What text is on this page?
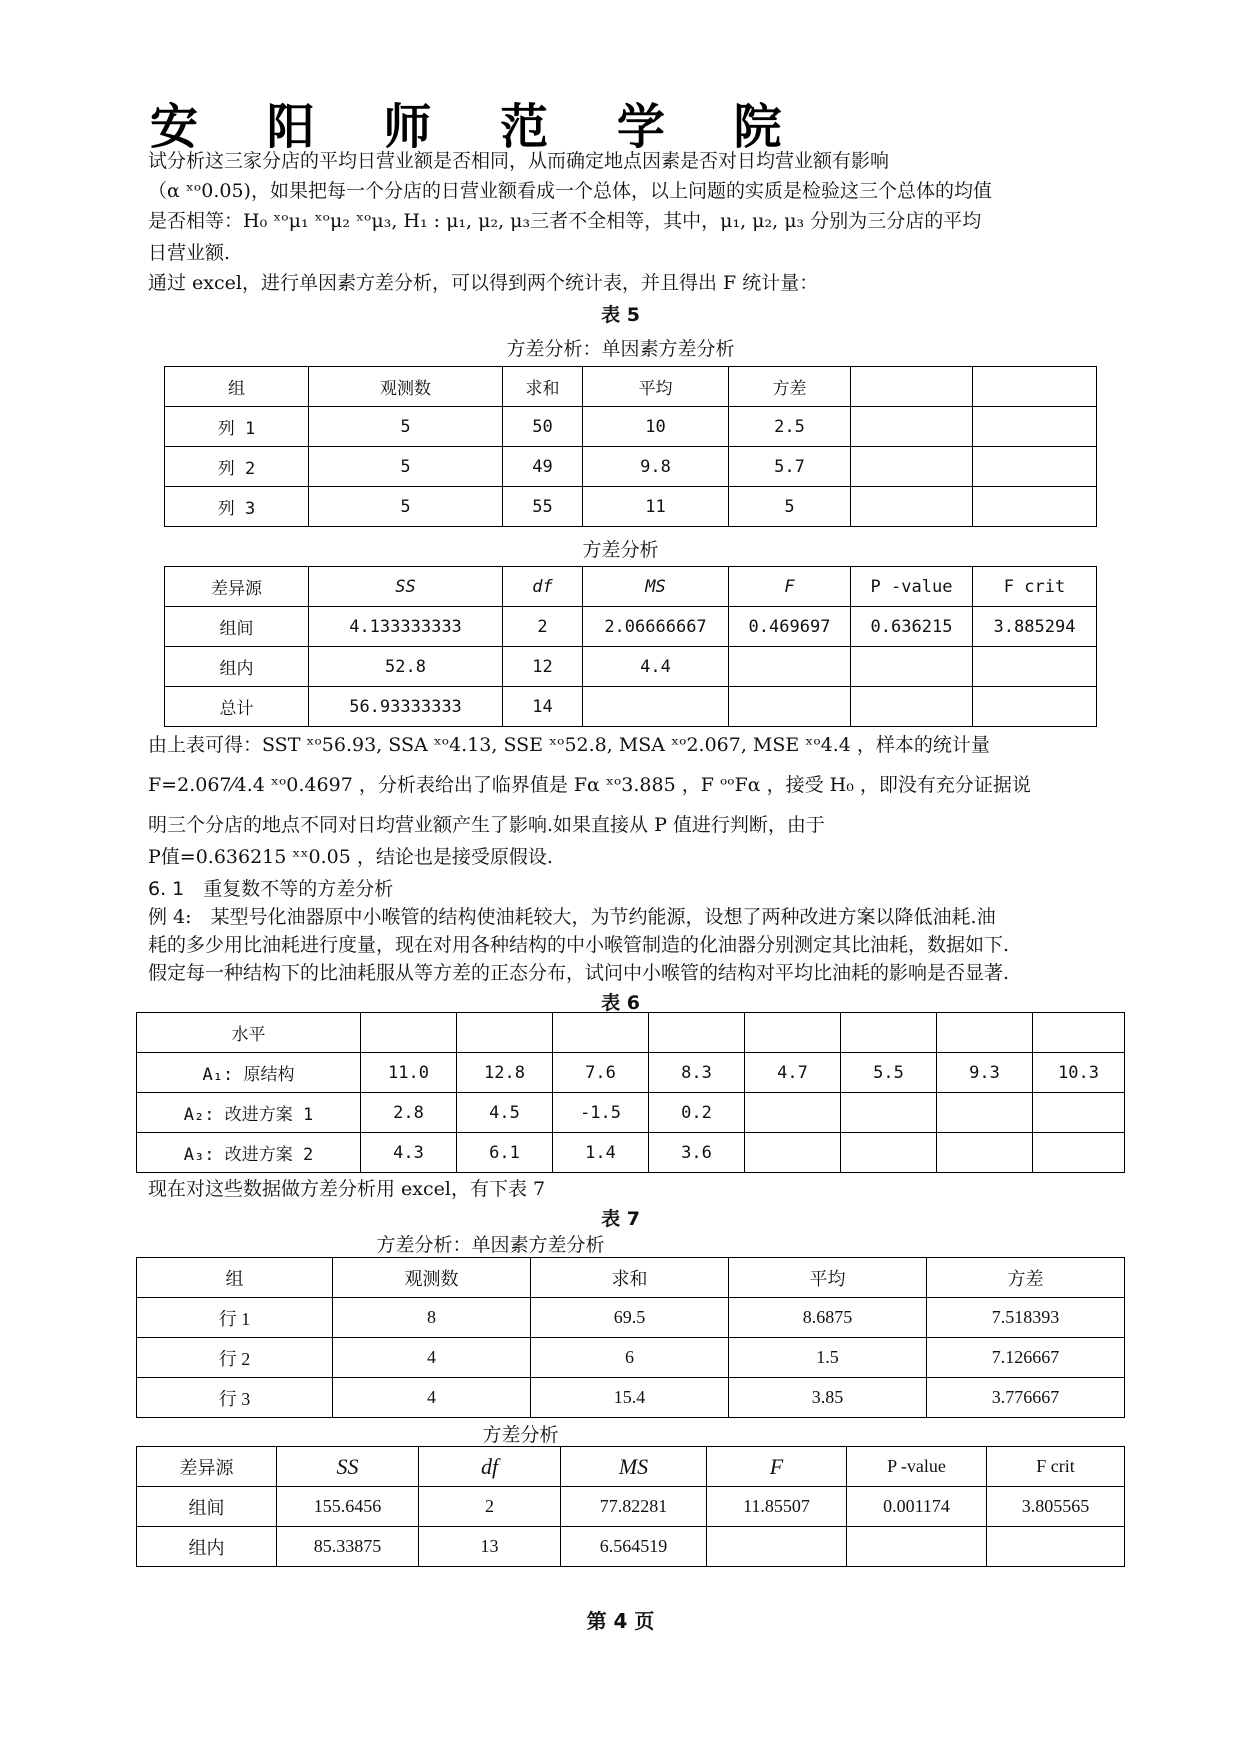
安 阳 师 范 学 院
试分析这三家分店的平均日营业额是否相同，从而确定地点因素是否对日均营业额有影响
（α ˣᵒ0.05)，如果把每一个分店的日营业额看成一个总体，以上问题的实质是检验这三个总体的均值
是否相等：H₀ ˣᵒμ₁ ˣᵒμ₂ ˣᵒμ₃, H₁ : μ₁, μ₂, μ₃三者不全相等，其中，μ₁, μ₂, μ₃ 分别为三分店的平均
日营业额.
通过 excel，进行单因素方差分析，可以得到两个统计表，并且得出 F 统计量：
表 5
方差分析：单因素方差分析
组	观测数	求和	平均	方差		
列 1	5	50	10	2.5		
列 2	5	49	9.8	5.7		
列 3	5	55	11	5		
方差分析
差异源	SS	df	MS	F	P -value	F crit
组间	4.133333333	2	2.06666667	0.469697	0.636215	3.885294
组内	52.8	12	4.4			
总计	56.93333333	14				
由上表可得：SST ˣᵒ56.93, SSA ˣᵒ4.13, SSE ˣᵒ52.8, MSA ˣᵒ2.067, MSE ˣᵒ4.4 ，样本的统计量
F=2.067⁄4.4 ˣᵒ0.4697 ，分析表给出了临界值是 Fα ˣᵒ3.885 ，F ᵒᵒFα ，接受 H₀ ，即没有充分证据说
明三个分店的地点不同对日均营业额产生了影响.如果直接从 P 值进行判断，由于
P值=0.636215 ˣˣ0.05 ，结论也是接受原假设.
6. 1　重复数不等的方差分析
例 4:　某型号化油器原中小喉管的结构使油耗较大，为节约能源，设想了两种改进方案以降低油耗.油
耗的多少用比油耗进行度量，现在对用各种结构的中小喉管制造的化油器分别测定其比油耗，数据如下.
假定每一种结构下的比油耗服从等方差的正态分布，试问中小喉管的结构对平均比油耗的影响是否显著.
表 6
水平								
A₁: 原结构	11.0	12.8	7.6	8.3	4.7	5.5	9.3	10.3
A₂: 改进方案 1	2.8	4.5	-1.5	0.2				
A₃: 改进方案 2	4.3	6.1	1.4	3.6				
现在对这些数据做方差分析用 excel，有下表 7
表 7
方差分析：单因素方差分析
组	观测数	求和	平均	方差
行 1	8	69.5	8.6875	7.518393
行 2	4	6	1.5	7.126667
行 3	4	15.4	3.85	3.776667
方差分析
差异源	SS	df	MS	F	P -value	F crit
组间	155.6456	2	77.82281	11.85507	0.001174	3.805565
组内	85.33875	13	6.564519			
第 4 页
